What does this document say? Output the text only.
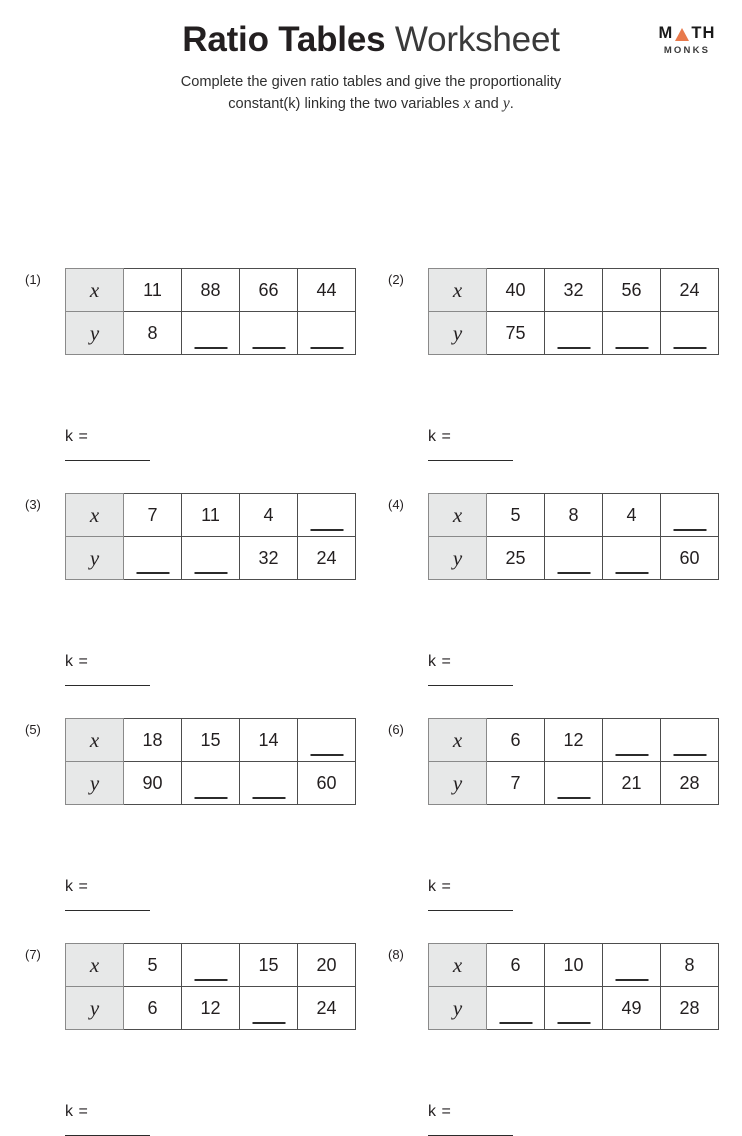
Ratio Tables Worksheet
Complete the given ratio tables and give the proportionality
constant(k) linking the two variables x and y.
M TH
MONKS
(1)	x	11	88	66	44
y	8	

k =
(2)	x	40	32	56	24
y	75	

k =
(3)	x	7	11	4	

y			32	24
k =
(4)	x	5	8	4	

y	25			60
k =
(5)	x	18	15	14	

y	90			60
k =
(6)	x	6	12	

y	7		21	28
k =
(7)	x	5		15	20
y	6	12		24
k =
(8)	x	6	10		8
y			49	28
k =
